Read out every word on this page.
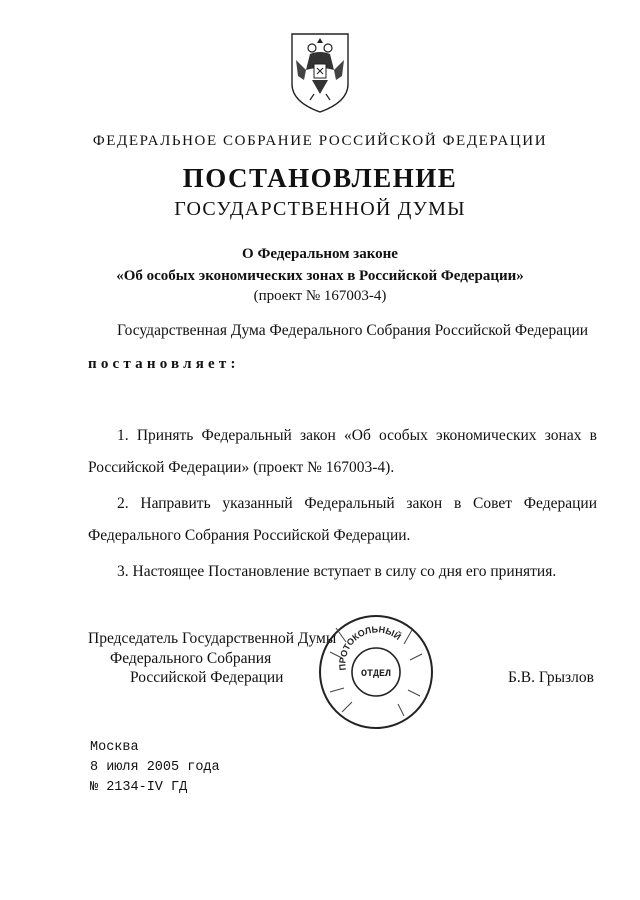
ФЕДЕРАЛЬНОЕ СОБРАНИЕ РОССИЙСКОЙ ФЕДЕРАЦИИ
ПОСТАНОВЛЕНИЕ
ГОСУДАРСТВЕННОЙ ДУМЫ
О Федеральном законе
«Об особых экономических зонах в Российской Федерации»
(проект № 167003-4)
Государственная Дума Федерального Собрания Российской Федерации
постановляет:
1. Принять Федеральный закон «Об особых экономических зонах в
Российской Федерации» (проект № 167003-4).
2. Направить указанный Федеральный закон в Совет Федерации
Федерального Собрания Российской Федерации.
3. Настоящее Постановление вступает в силу со дня его принятия.
Председатель Государственной Думы
Федерального Собрания
Российской Федерации	Б.В. Грызлов
ПРОТОКОЛЬНЫЙ
ОТДЕЛ
Москва
8 июля 2005 года
№ 2134-IV ГД
